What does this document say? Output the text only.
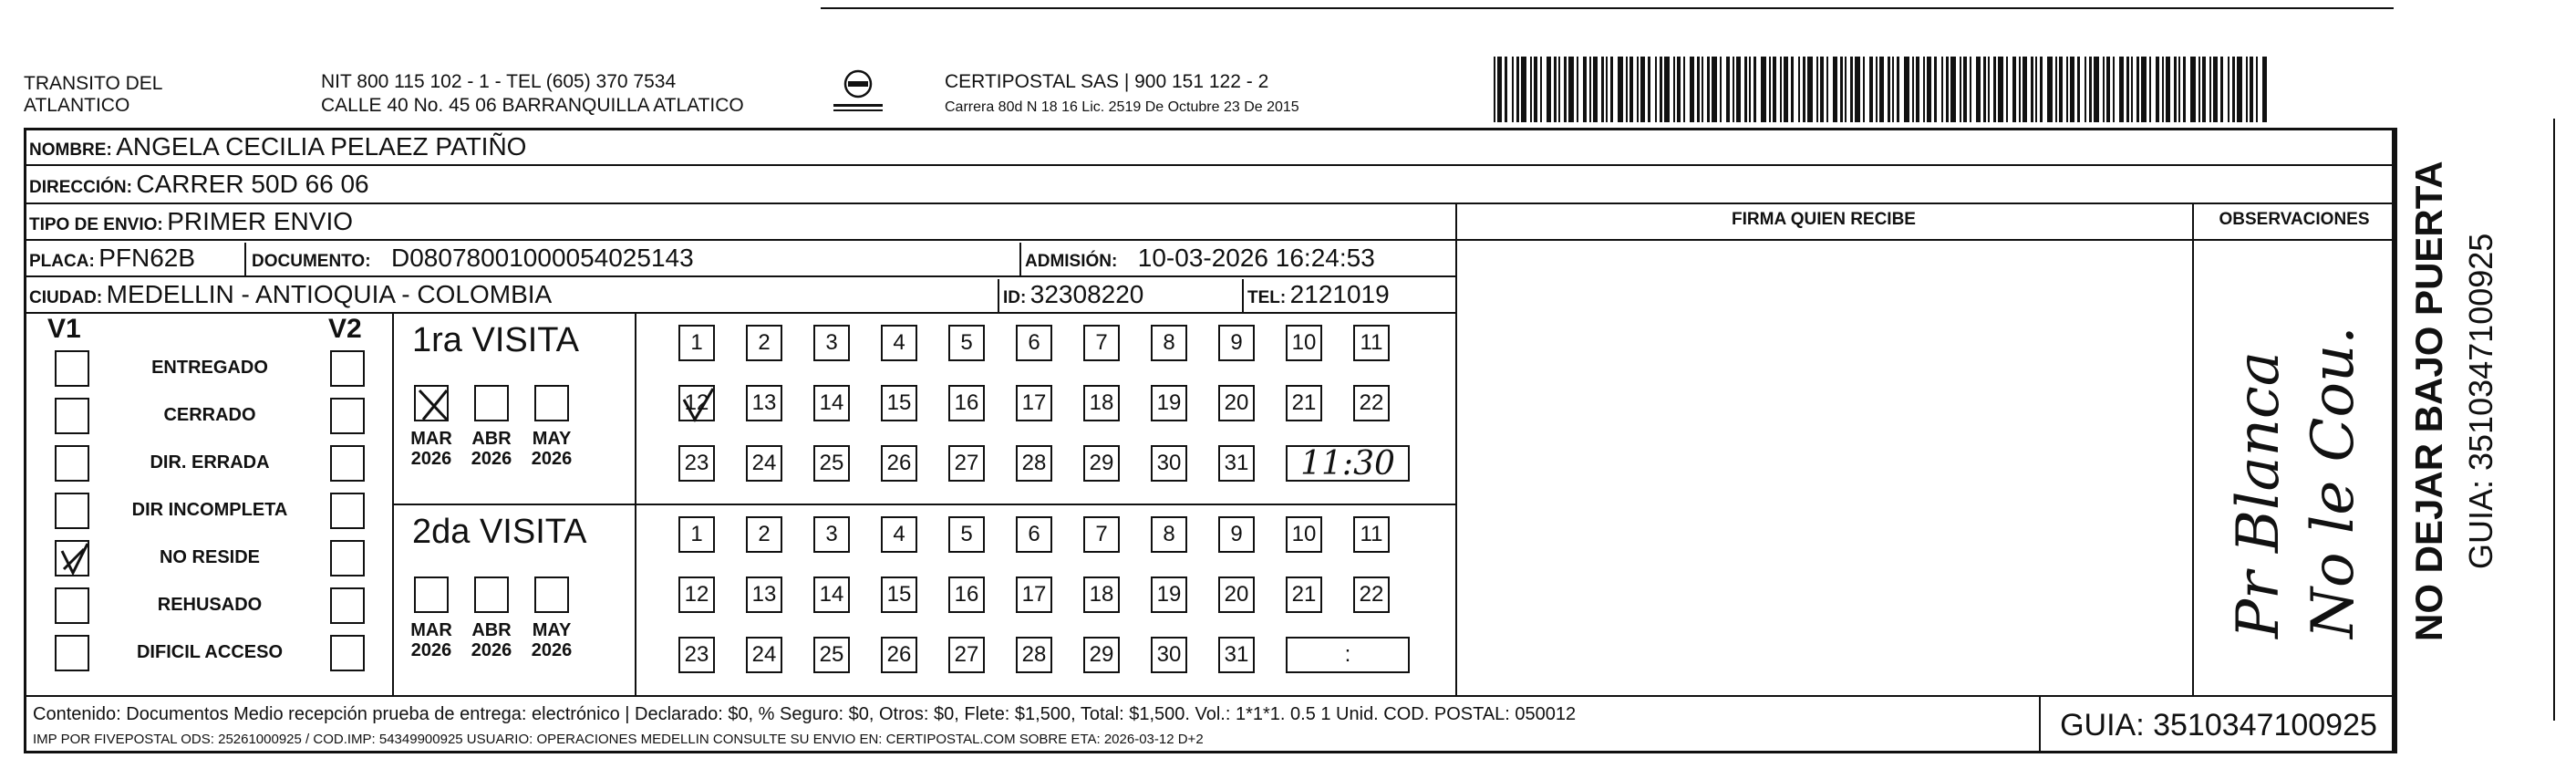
TRANSITO DEL
ATLANTICO
NIT 800 115 102 - 1 - TEL (605) 370 7534
CALLE 40 No. 45 06 BARRANQUILLA ATLATICO
CERTIPOSTAL SAS | 900 151 122 - 2
Carrera 80d N 18 16 Lic. 2519 De Octubre 23 De 2015
NOMBRE: ANGELA CECILIA PELAEZ PATIÑO
DIRECCIÓN: CARRER 50D 66 06
TIPO DE ENVIO: PRIMER ENVIO
PLACA: PFN62B	DOCUMENTO: D08078001000054025143	ADMISIÓN: 10-03-2026 16:24:53
CIUDAD: MEDELLIN - ANTIOQUIA - COLOMBIA	ID: 32308220	TEL: 2121019
FIRMA QUIEN RECIBE	OBSERVACIONES
Pr Blanca No le Cou.
V1	V2
ENTREGADO
CERRADO
DIR. ERRADA
DIR INCOMPLETA
NO RESIDE
REHUSADO
DIFICIL ACCESO
1ra VISITA
2da VISITA
MAR
2026
ABR
2026
MAY
2026
1	2	3	4	5	6	7	8	9	10	11
12 13 14 15 16 17 18 19 20 21 22
23 24 25 26 27 28 29 30 31	11:30
MAR
2026
ABR
2026
MAY
2026
1	2	3	4	5	6	7	8	9	10	11
12 13 14 15 16 17 18 19 20 21 22
23 24 25 26 27 28 29 30 31	:
NO DEJAR BAJO PUERTA GUIA: 3510347100925
Contenido: Documentos Medio recepción prueba de entrega: electrónico | Declarado: $0, % Seguro: $0, Otros: $0, Flete: $1,500, Total: $1,500. Vol.: 1*1*1. 0.5 1 Unid. COD. POSTAL: 050012
IMP POR FIVEPOSTAL ODS: 25261000925 / COD.IMP: 54349900925 USUARIO: OPERACIONES MEDELLIN CONSULTE SU ENVIO EN: CERTIPOSTAL.COM SOBRE ETA: 2026-03-12 D+2	GUIA: 3510347100925
